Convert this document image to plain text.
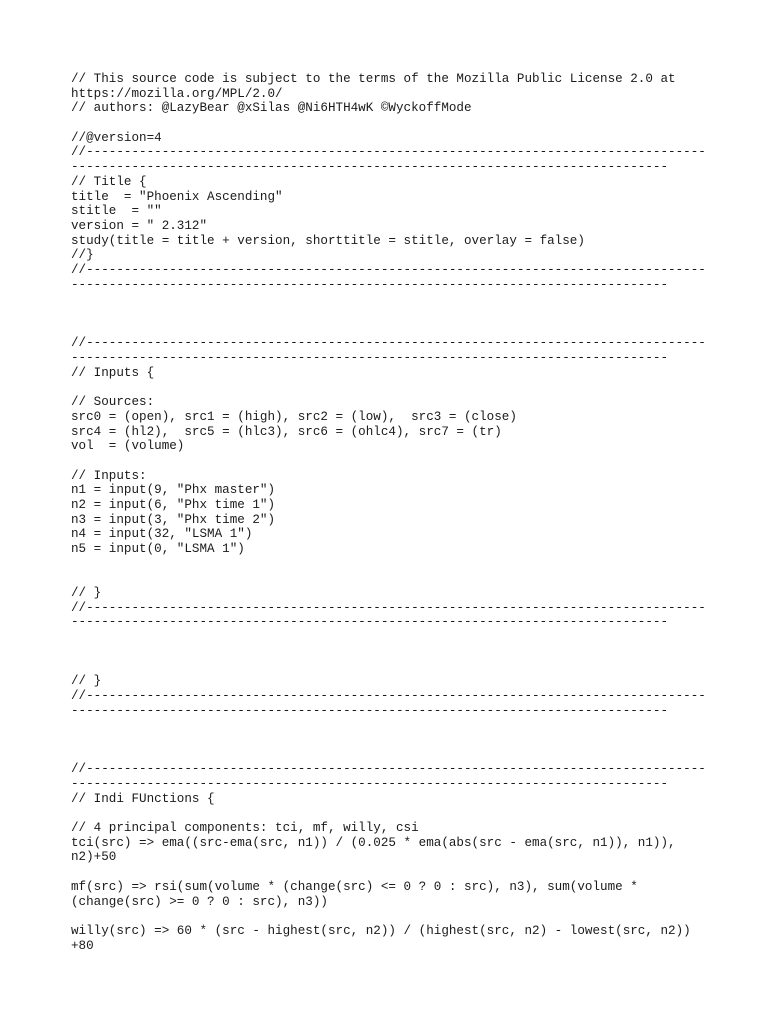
// This source code is subject to the terms of the Mozilla Public License 2.0 at
https://mozilla.org/MPL/2.0/
// authors: @LazyBear @xSilas @Ni6HTH4wK ©WyckoffMode
//@version=4
//----------------------------------------------------------------------------------
-------------------------------------------------------------------------------
// Title {
title  = "Phoenix Ascending"
stitle  = ""
version = " 2.312"
study(title = title + version, shorttitle = stitle, overlay = false)
//}
//----------------------------------------------------------------------------------
-------------------------------------------------------------------------------
//----------------------------------------------------------------------------------
-------------------------------------------------------------------------------
// Inputs {
// Sources:
src0 = (open), src1 = (high), src2 = (low),  src3 = (close)
src4 = (hl2),  src5 = (hlc3), src6 = (ohlc4), src7 = (tr)
vol  = (volume)
// Inputs:
n1 = input(9, "Phx master")
n2 = input(6, "Phx time 1")
n3 = input(3, "Phx time 2")
n4 = input(32, "LSMA 1")
n5 = input(0, "LSMA 1")
// }
//----------------------------------------------------------------------------------
-------------------------------------------------------------------------------
// }
//----------------------------------------------------------------------------------
-------------------------------------------------------------------------------
//----------------------------------------------------------------------------------
-------------------------------------------------------------------------------
// Indi FUnctions {
// 4 principal components: tci, mf, willy, csi
tci(src) => ema((src-ema(src, n1)) / (0.025 * ema(abs(src - ema(src, n1)), n1)),
n2)+50
mf(src) => rsi(sum(volume * (change(src) <= 0 ? 0 : src), n3), sum(volume *
(change(src) >= 0 ? 0 : src), n3))
willy(src) => 60 * (src - highest(src, n2)) / (highest(src, n2) - lowest(src, n2))
+80
